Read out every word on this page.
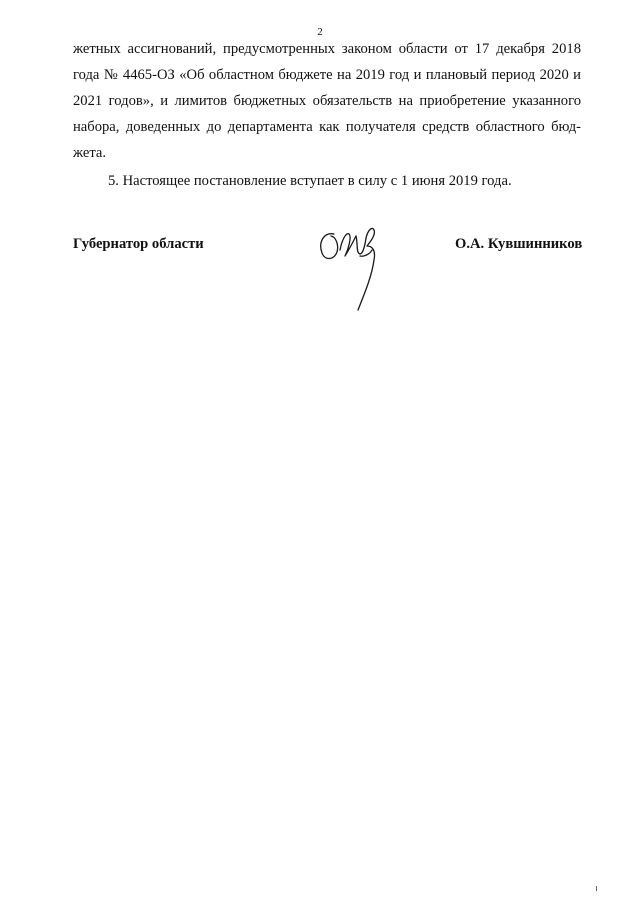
2
жетных ассигнований, предусмотренных законом области от 17 декабря 2018
года № 4465-ОЗ «Об областном бюджете на 2019 год и плановый период 2020 и
2021 годов», и лимитов бюджетных обязательств на приобретение указанного
набора, доведенных до департамента как получателя средств областного бюд-
жета.

5. Настоящее постановление вступает в силу с 1 июня 2019 года.

Губернатор области	О.А. Кувшинников
